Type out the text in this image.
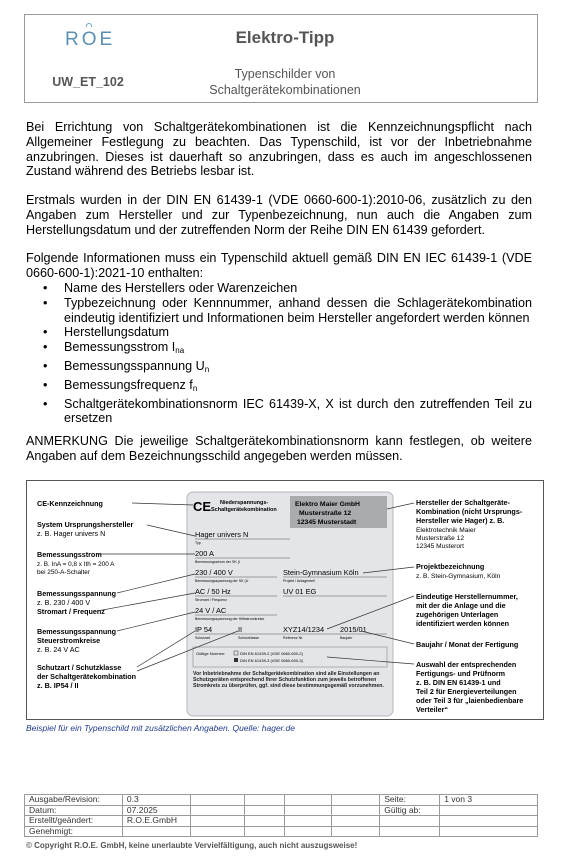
ROE	Elektro-Tipp
UW_ET_102
Typenschilder von
Schaltgerätekombinationen

Bei Errichtung von Schaltgerätekombinationen ist die Kennzeichnungspflicht nach Allgemeiner Festlegung zu beachten. Das Typenschild, ist vor der Inbetriebnahme anzubringen. Dieses ist dauerhaft so anzubringen, dass es auch im angeschlossenen Zustand während des Betriebs lesbar ist.

Erstmals wurden in der DIN EN 61439-1 (VDE 0660-600-1):2010-06, zusätzlich zu den Angaben zum Hersteller und zur Typenbezeichnung, nun auch die Angaben zum Herstellungsdatum und der zutreffenden Norm der Reihe DIN EN 61439 gefordert.

Folgende Informationen muss ein Typenschild aktuell gemäß DIN EN IEC 61439-1 (VDE 0660-600-1):2021-10 enthalten:

• Name des Herstellers oder Warenzeichen
• Typbezeichnung oder Kennnummer, anhand dessen die Schlagerätekombination eindeutig identifiziert und Informationen beim Hersteller angefordert werden können
• Herstellungsdatum
• Bemessungsstrom $I_{na}$
• Bemessungsspannung $U_n$
• Bemessungsfrequenz $f_n$
• Schaltgerätekombinationsnorm IEC 61439-X, X ist durch den zutreffenden Teil zu ersetzen

ANMERKUNG Die jeweilige Schaltgerätekombinationsnorm kann festlegen, ob weitere Angaben auf dem Bezeichnungsschild angegeben werden müssen.

CE Niederspannungs-
Schaltgerätekombination
Elektro Maier GmbH
Musterstraße 12
12345 Musterstadt
Hager univers N
Typ
200 A
Bemessungsstrom der SK (I
230 / 400 V
Bemessungsspannung der SK (U
Stein-Gymnasium Köln
Projekt / Anlagenteil
AC / 50 Hz
Stromart / Frequenz
UV 01 EG
24 V / AC
Bemessungsspannung der Hilfsstromkreise
IP 54	II	XYZ14/1234 2015/01
Schutzart	Schutzklasse	Referenz Nr.	Baujahr
Gültige Normen:	DIN EN 61439-2 (VDE 0660-600-2)
DIN EN 61439-3 (VDE 0660-600-3)
Vor Inbetriebnahme der Schaltgerätekombination sind alle Einstellungen an Schutzgeräten entsprechend Ihrer Schutzfunktion zum jeweils betroffenen Stromkreis zu überprüfen, ggf. sind diese bestimmungsgemäß vorzunehmen.
CE-Kennzeichnung
System Ursprungshersteller
z. B. Hager univers N
Bemessungsstrom
z. B. InA = 0,8 x Ith = 200 A
bei 250-A-Schalter
Bemessungsspannung
z. B. 230 / 400 V
Stromart / Frequenz
Bemessungsspannung
Steuerstromkreise
z. B. 24 V AC
Schutzart / Schutzklasse
der Schaltgerätekombination
z. B. IP54 / II
Hersteller der Schaltgeräte-
Kombination (nicht Ursprungs-
Hersteller wie Hager) z. B.
Elektrotechnik Maier
Musterstraße 12
12345 Musterort
Projektbezeichnung
z. B. Stein-Gymnasium, Köln
Eindeutige Herstellernummer,
mit der die Anlage und die
zugehörigen Unterlagen
identifiziert werden können
Baujahr / Monat der Fertigung
Auswahl der entsprechenden
Fertigungs- und Prüfnorm
z. B. DIN EN 61439-1 und
Teil 2 für Energieverteilungen
oder Teil 3 für „laienbedienbare
Verteiler“
Beispiel für ein Typenschild mit zusätzlichen Angaben. Quelle: hager.de
Ausgabe/Revision:	0.3					Seite:	1 von 3
Datum:	07.2025					Gültig ab:	
Erstellt/geändert:	R.O.E.GmbH						
Genehmigt:							
© Copyright R.O.E. GmbH, keine unerlaubte Vervielfältigung, auch nicht auszugsweise!
